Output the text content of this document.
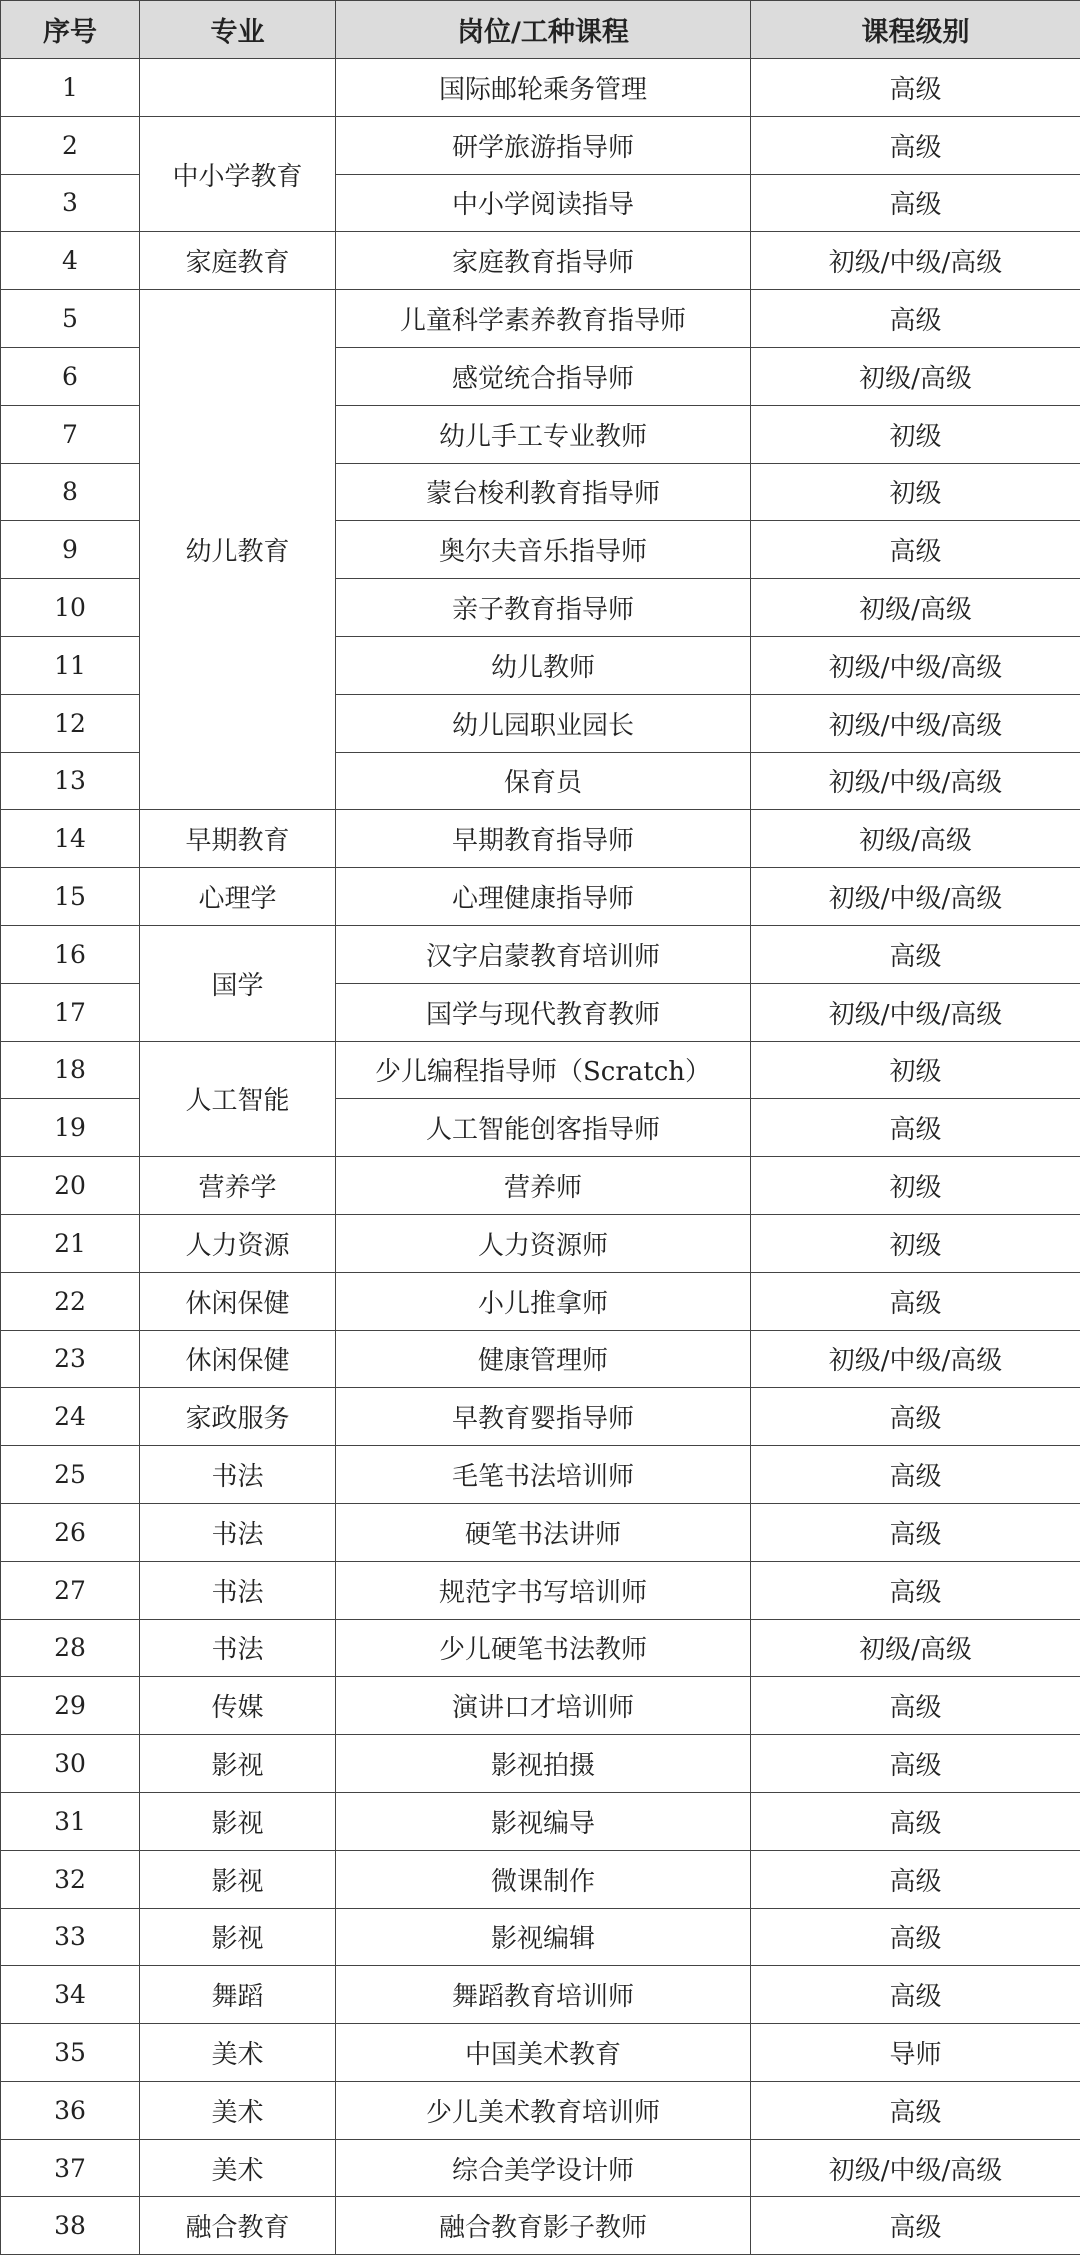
序号	专业	岗位/工种课程	课程级别
1		国际邮轮乘务管理	高级
2	中小学教育	研学旅游指导师	高级
3		中小学阅读指导	高级
4	家庭教育	家庭教育指导师	初级/中级/高级
5	幼儿教育	儿童科学素养教育指导师	高级
6		感觉统合指导师	初级/高级
7		幼儿手工专业教师	初级
8		蒙台梭利教育指导师	初级
9		奥尔夫音乐指导师	高级
10		亲子教育指导师	初级/高级
11		幼儿教师	初级/中级/高级
12		幼儿园职业园长	初级/中级/高级
13		保育员	初级/中级/高级
14	早期教育	早期教育指导师	初级/高级
15	心理学	心理健康指导师	初级/中级/高级
16	国学	汉字启蒙教育培训师	高级
17		国学与现代教育教师	初级/中级/高级
18	人工智能	少儿编程指导师（Scratch）	初级
19		人工智能创客指导师	高级
20	营养学	营养师	初级
21	人力资源	人力资源师	初级
22	休闲保健	小儿推拿师	高级
23	休闲保健	健康管理师	初级/中级/高级
24	家政服务	早教育婴指导师	高级
25	书法	毛笔书法培训师	高级
26	书法	硬笔书法讲师	高级
27	书法	规范字书写培训师	高级
28	书法	少儿硬笔书法教师	初级/高级
29	传媒	演讲口才培训师	高级
30	影视	影视拍摄	高级
31	影视	影视编导	高级
32	影视	微课制作	高级
33	影视	影视编辑	高级
34	舞蹈	舞蹈教育培训师	高级
35	美术	中国美术教育	导师
36	美术	少儿美术教育培训师	高级
37	美术	综合美学设计师	初级/中级/高级
38	融合教育	融合教育影子教师	高级
